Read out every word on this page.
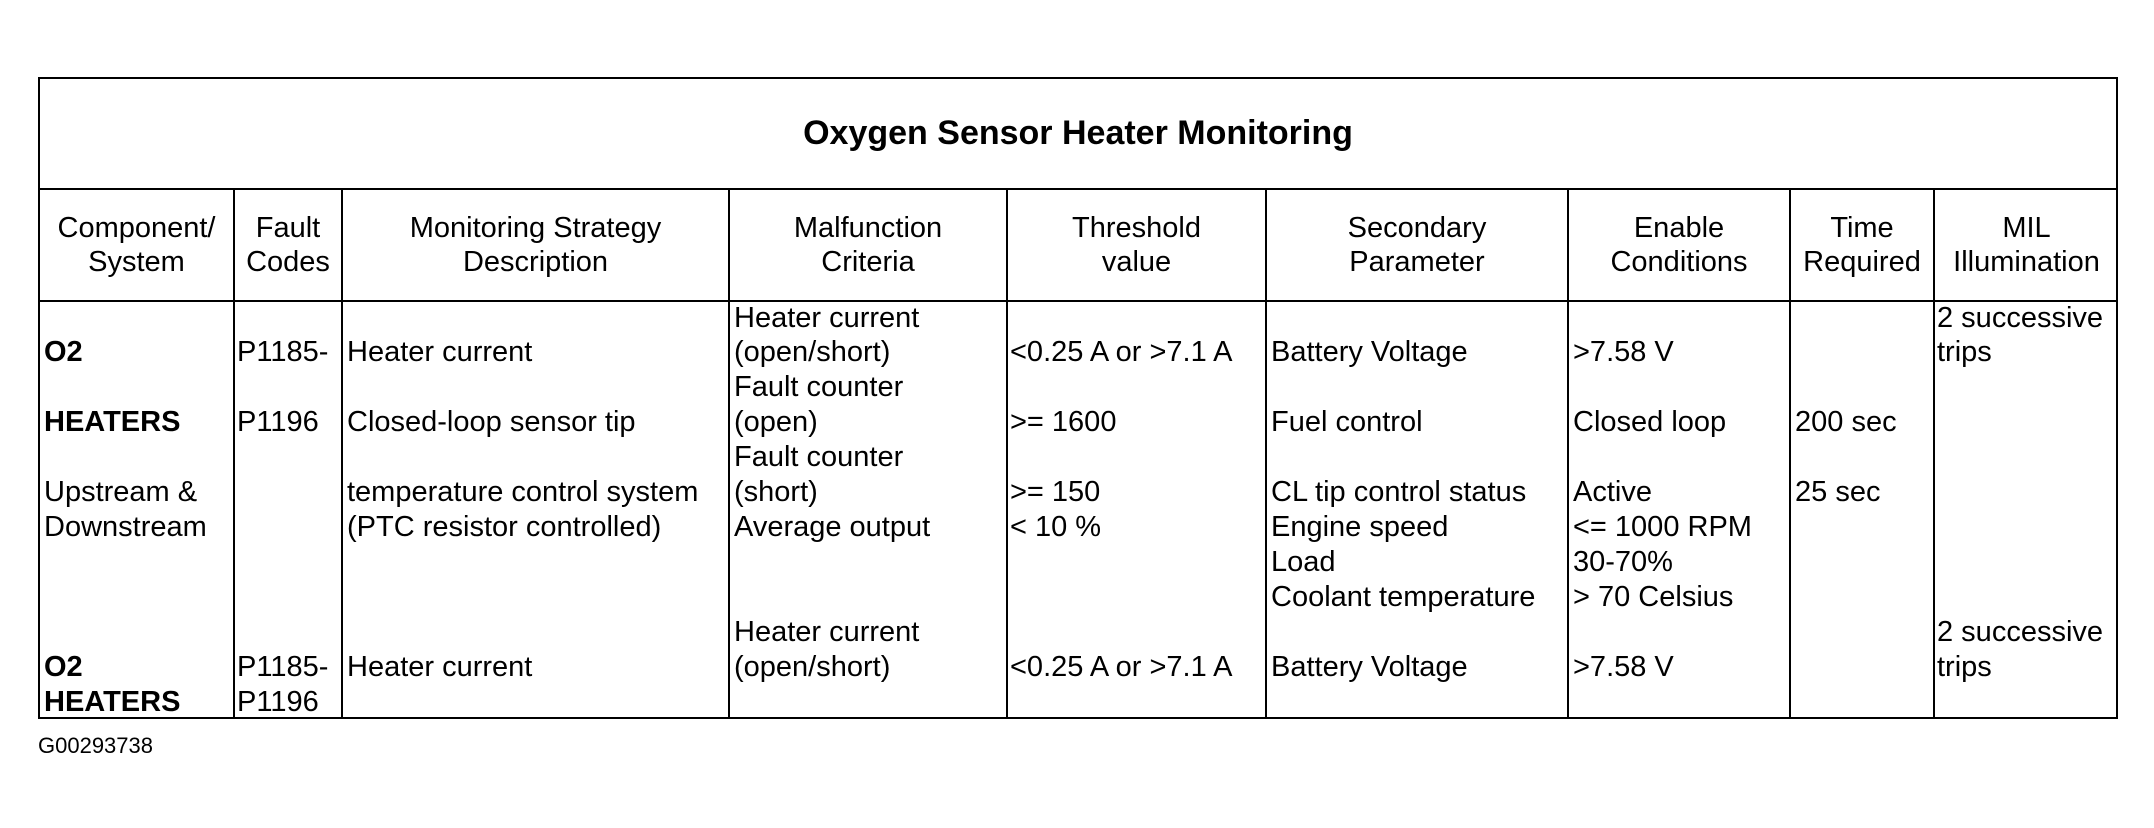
Oxygen Sensor Heater Monitoring
Component/
System
Fault
Codes
Monitoring Strategy
Description
Malfunction
Criteria
Threshold
value
Secondary
Parameter
Enable
Conditions
Time
Required
MIL
Illumination
O2
HEATERS
Upstream &
Downstream
P1185-
P1196
Heater current
Closed-loop sensor tip
temperature control system
(PTC resistor controlled)
Heater current
(open/short)
Fault counter
(open)
Fault counter
(short)
Average output
<0.25 A or >7.1 A
>= 1600
>= 150
< 10 %
Battery Voltage
Fuel control
CL tip control status
Engine speed
Load
Coolant temperature
>7.58 V
Closed loop
Active
<= 1000 RPM
30-70%
> 70 Celsius
200 sec
25 sec
2 successive
trips
O2
HEATERS
P1185-
P1196
Heater current
Heater current
(open/short)	<0.25 A or >7.1 A Battery Voltage	>7.58 V
2 successive
trips
G00293738
